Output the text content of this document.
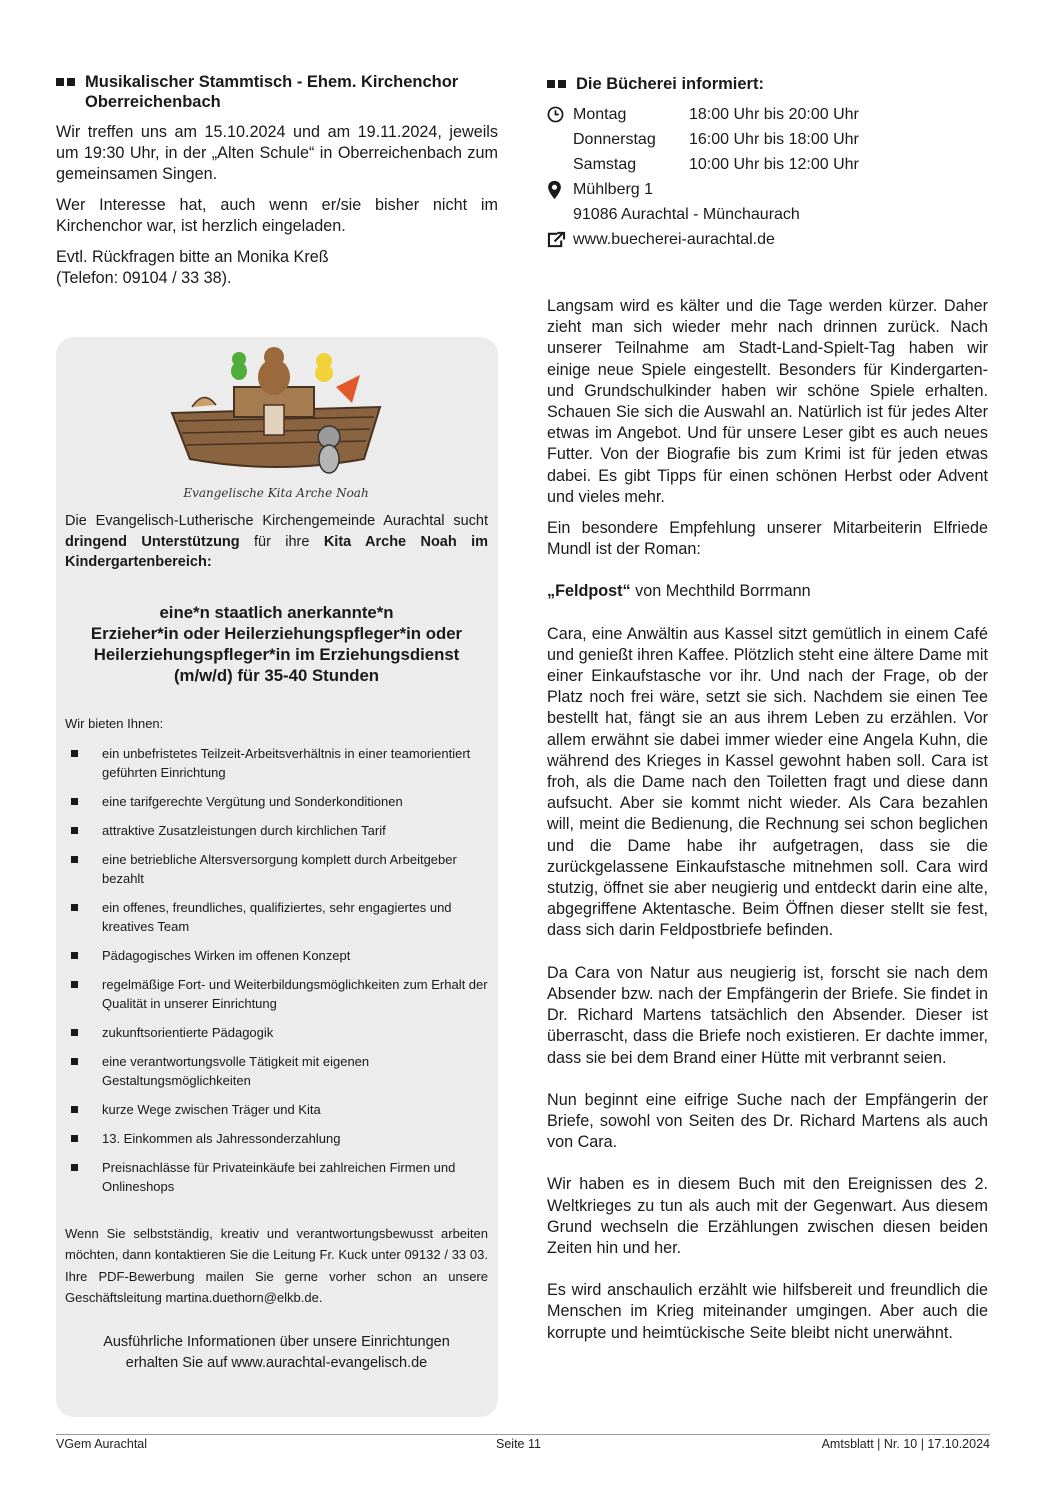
Musikalischer Stammtisch - Ehem. Kirchenchor
Oberreichenbach

Wir treffen uns am 15.10.2024 und am 19.11.2024, jeweils um 19:30 Uhr, in der „Alten Schule“ in Oberreichenbach zum gemeinsamen Singen.

Wer Interesse hat, auch wenn er/sie bisher nicht im Kirchenchor war, ist herzlich eingeladen.

Evtl. Rückfragen bitte an Monika Kreß
(Telefon: 09104 / 33 38).

Evangelische Kita Arche Noah

Die Evangelisch-Lutherische Kirchengemeinde Aurachtal sucht dringend Unterstützung für ihre Kita Arche Noah im Kindergartenbereich:

eine*n staatlich anerkannte*n
Erzieher*in oder Heilerziehungspfleger*in oder
Heilerziehungspfleger*in im Erziehungsdienst
(m/w/d) für 35-40 Stunden

Wir bieten Ihnen:

ein unbefristetes Teilzeit-Arbeitsverhältnis in einer teamorientiert geführten Einrichtung
eine tarifgerechte Vergütung und Sonderkonditionen
attraktive Zusatzleistungen durch kirchlichen Tarif
eine betriebliche Altersversorgung komplett durch Arbeitgeber bezahlt
ein offenes, freundliches, qualifiziertes, sehr engagiertes und kreatives Team
Pädagogisches Wirken im offenen Konzept
regelmäßige Fort- und Weiterbildungsmöglichkeiten zum Erhalt der Qualität in unserer Einrichtung
zukunftsorientierte Pädagogik
eine verantwortungsvolle Tätigkeit mit eigenen Gestaltungsmöglichkeiten
kurze Wege zwischen Träger und Kita
13. Einkommen als Jahressonderzahlung
Preisnachlässe für Privateinkäufe bei zahlreichen Firmen und Onlineshops

Wenn Sie selbstständig, kreativ und verantwortungsbewusst arbeiten möchten, dann kontaktieren Sie die Leitung Fr. Kuck unter 09132 / 33 03. Ihre PDF-Bewerbung mailen Sie gerne vorher schon an unsere Geschäftsleitung martina.duethorn@elkb.de.

Ausführliche Informationen über unsere Einrichtungen
erhalten Sie auf www.aurachtal-evangelisch.de
Die Bücherei informiert:
Montag	18:00 Uhr bis 20:00 Uhr
Donnerstag	16:00 Uhr bis 18:00 Uhr
Samstag	10:00 Uhr bis 12:00 Uhr
Mühlberg 1
91086 Aurachtal - Münchaurach
www.buecherei-aurachtal.de

Langsam wird es kälter und die Tage werden kürzer. Daher zieht man sich wieder mehr nach drinnen zurück. Nach unserer Teilnahme am Stadt-Land-Spielt-Tag haben wir einige neue Spiele eingestellt. Besonders für Kindergarten- und Grundschulkinder haben wir schöne Spiele erhalten. Schauen Sie sich die Auswahl an. Natürlich ist für jedes Alter etwas im Angebot. Und für unsere Leser gibt es auch neues Futter. Von der Biografie bis zum Krimi ist für jeden etwas dabei. Es gibt Tipps für einen schönen Herbst oder Advent und vieles mehr.

Ein besondere Empfehlung unserer Mitarbeiterin Elfriede Mundl ist der Roman:

„Feldpost“ von Mechthild Borrmann

Cara, eine Anwältin aus Kassel sitzt gemütlich in einem Café und genießt ihren Kaffee. Plötzlich steht eine ältere Dame mit einer Einkaufstasche vor ihr. Und nach der Frage, ob der Platz noch frei wäre, setzt sie sich. Nachdem sie einen Tee bestellt hat, fängt sie an aus ihrem Leben zu erzählen. Vor allem erwähnt sie dabei immer wieder eine Angela Kuhn, die während des Krieges in Kassel gewohnt haben soll. Cara ist froh, als die Dame nach den Toiletten fragt und diese dann aufsucht. Aber sie kommt nicht wieder. Als Cara bezahlen will, meint die Bedienung, die Rechnung sei schon beglichen und die Dame habe ihr aufgetragen, dass sie die zurückgelassene Einkaufstasche mitnehmen soll. Cara wird stutzig, öffnet sie aber neugierig und entdeckt darin eine alte, abgegriffene Aktentasche. Beim Öffnen dieser stellt sie fest, dass sich darin Feldpostbriefe befinden.

Da Cara von Natur aus neugierig ist, forscht sie nach dem Absender bzw. nach der Empfängerin der Briefe. Sie findet in Dr. Richard Martens tatsächlich den Absender. Dieser ist überrascht, dass die Briefe noch existieren. Er dachte immer, dass sie bei dem Brand einer Hütte mit verbrannt seien.

Nun beginnt eine eifrige Suche nach der Empfängerin der Briefe, sowohl von Seiten des Dr. Richard Martens als auch von Cara.

Wir haben es in diesem Buch mit den Ereignissen des 2. Weltkrieges zu tun als auch mit der Gegenwart. Aus diesem Grund wechseln die Erzählungen zwischen diesen beiden Zeiten hin und her.

Es wird anschaulich erzählt wie hilfsbereit und freundlich die Menschen im Krieg miteinander umgingen. Aber auch die korrupte und heimtückische Seite bleibt nicht unerwähnt.

VGem Aurachtal	Seite 11	Amtsblatt | Nr. 10 | 17.10.2024
